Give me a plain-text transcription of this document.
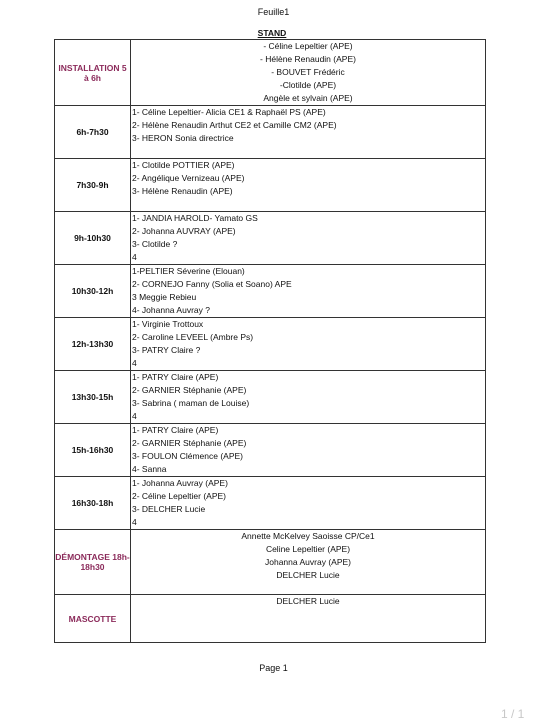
Feuille1
STAND
INSTALLATION 5 à 6h	- Céline Lepeltier (APE)
- Hélène Renaudin (APE)
- BOUVET Frédéric
-Clotilde (APE)
Angèle et sylvain (APE)

6h-7h30	1- Céline Lepeltier- Alicia CE1 & Raphaël PS (APE)
2- Hélène Renaudin Arthut CE2 et Camille CM2 (APE)
3- HERON Sonia directrice

7h30-9h	1- Clotilde POTTIER (APE)
2- Angélique Vernizeau (APE)
3- Hélène Renaudin (APE)

9h-10h30	1- JANDIA HAROLD- Yamato GS
2- Johanna AUVRAY (APE)
3- Clotilde ?
4

10h30-12h	1-PELTIER Séverine (Elouan)
2- CORNEJO Fanny (Solia et Soano) APE
3 Meggie Rebieu
4- Johanna Auvray ?

12h-13h30	1- Virginie Trottoux
2- Caroline LEVEEL (Ambre Ps)
3- PATRY Claire ?
4

13h30-15h	1- PATRY Claire (APE)
2- GARNIER Stéphanie (APE)
3- Sabrina ( maman de Louise)
4

15h-16h30	1- PATRY Claire (APE)
2- GARNIER Stéphanie (APE)
3- FOULON Clémence (APE)
4- Sanna

16h30-18h	1- Johanna Auvray (APE)
2- Céline Lepeltier (APE)
3- DELCHER Lucie
4

DÉMONTAGE 18h-18h30	Annette McKelvey Saoisse CP/Ce1
Celine Lepeltier (APE)
Johanna Auvray (APE)
DELCHER Lucie

MASCOTTE	DELCHER Lucie
Page 1
1 / 1
